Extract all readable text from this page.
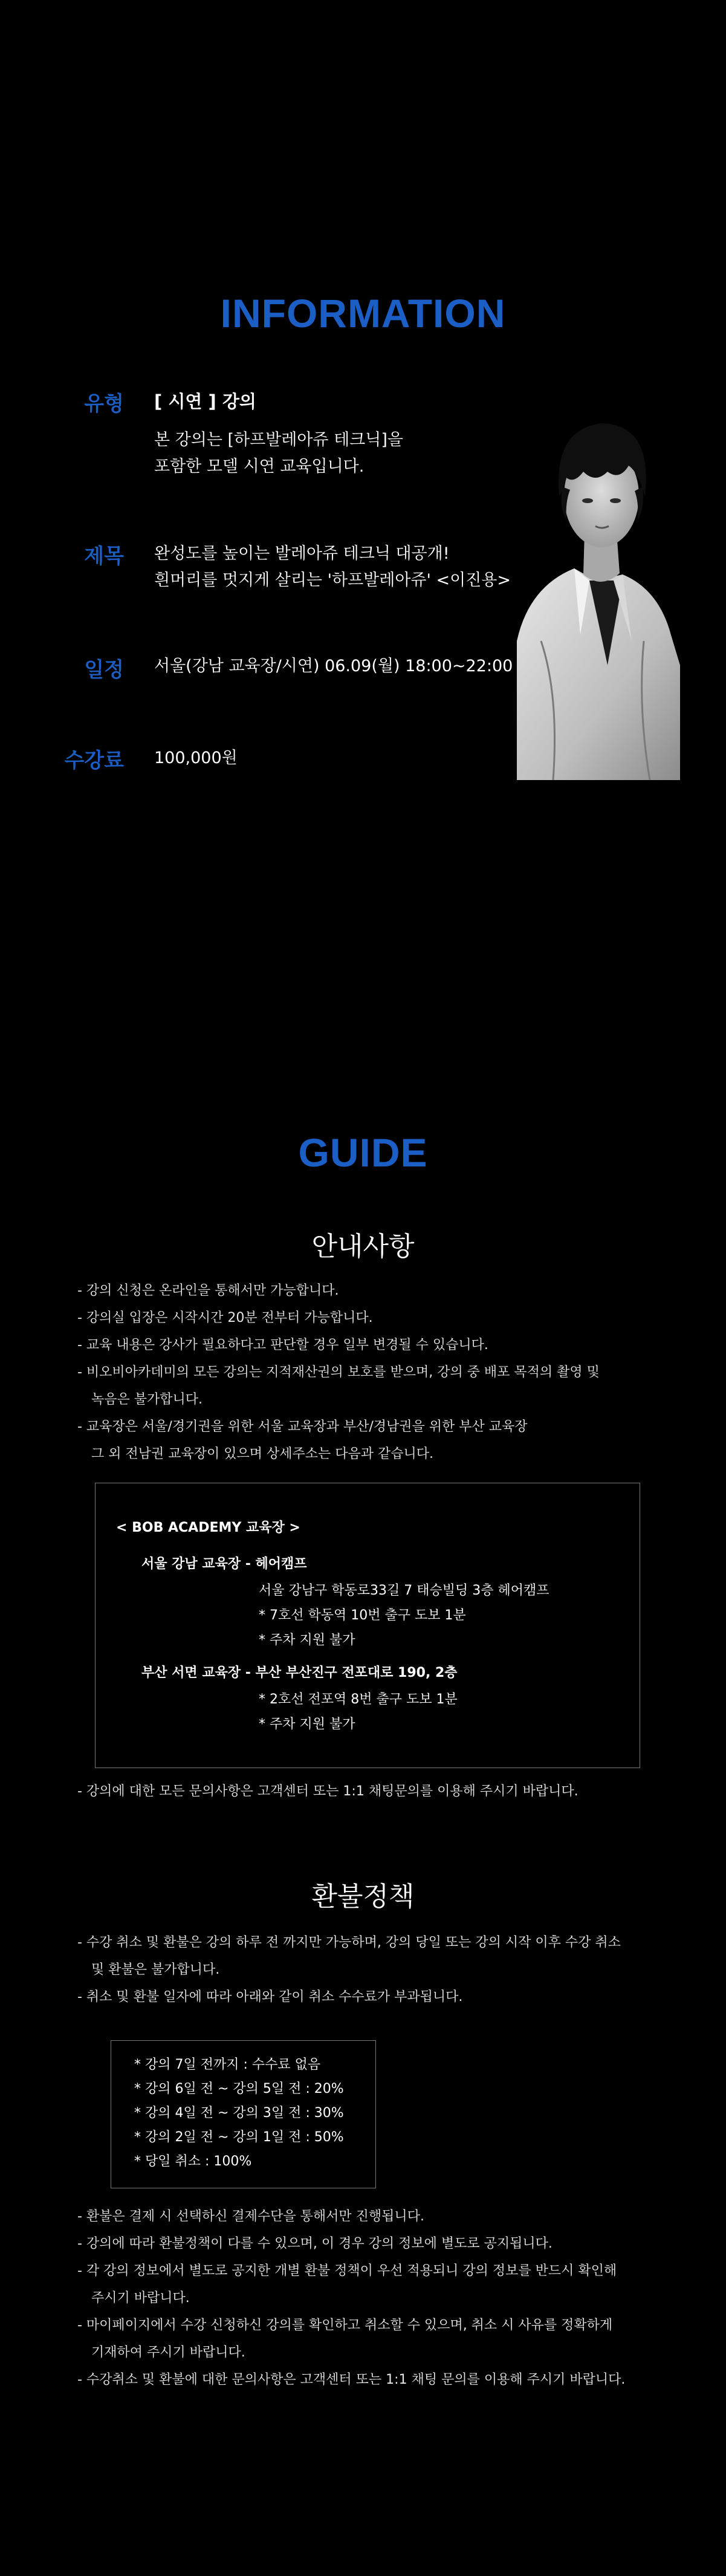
INFORMATION
유형 [ 시연 ] 강의
본 강의는 [하프발레아쥬 테크닉]을
포함한 모델 시연 교육입니다.
제목 완성도를 높이는 발레아쥬 테크닉 대공개!
흰머리를 멋지게 살리는 '하프발레아쥬' <이진용>
일정 서울(강남 교육장/시연) 06.09(월) 18:00~22:00
수강료 100,000원
GUIDE
안내사항
- 강의 신청은 온라인을 통해서만 가능합니다.
- 강의실 입장은 시작시간 20분 전부터 가능합니다.
- 교육 내용은 강사가 필요하다고 판단할 경우 일부 변경될 수 있습니다.
- 비오비아카데미의 모든 강의는 지적재산권의 보호를 받으며, 강의 중 배포 목적의 촬영 및
녹음은 불가합니다.
- 교육장은 서울/경기권을 위한 서울 교육장과 부산/경남권을 위한 부산 교육장
그 외 전남권 교육장이 있으며 상세주소는 다음과 같습니다.
< BOB ACADEMY 교육장 >
서울 강남 교육장 - 헤어캠프
서울 강남구 학동로33길 7 태승빌딩 3층 헤어캠프
* 7호선 학동역 10번 출구 도보 1분
* 주차 지원 불가
부산 서면 교육장 - 부산 부산진구 전포대로 190, 2층
* 2호선 전포역 8번 출구 도보 1분
* 주차 지원 불가
- 강의에 대한 모든 문의사항은 고객센터 또는 1:1 채팅문의를 이용해 주시기 바랍니다.
환불정책
- 수강 취소 및 환불은 강의 하루 전 까지만 가능하며, 강의 당일 또는 강의 시작 이후 수강 취소
및 환불은 불가합니다.
- 취소 및 환불 일자에 따라 아래와 같이 취소 수수료가 부과됩니다.
* 강의 7일 전까지 : 수수료 없음
* 강의 6일 전 ~ 강의 5일 전 : 20%
* 강의 4일 전 ~ 강의 3일 전 : 30%
* 강의 2일 전 ~ 강의 1일 전 : 50%
* 당일 취소 : 100%
- 환불은 결제 시 선택하신 결제수단을 통해서만 진행됩니다.
- 강의에 따라 환불정책이 다를 수 있으며, 이 경우 강의 정보에 별도로 공지됩니다.
- 각 강의 정보에서 별도로 공지한 개별 환불 정책이 우선 적용되니 강의 정보를 반드시 확인해
주시기 바랍니다.
- 마이페이지에서 수강 신청하신 강의를 확인하고 취소할 수 있으며, 취소 시 사유를 정확하게
기재하여 주시기 바랍니다.
- 수강취소 및 환불에 대한 문의사항은 고객센터 또는 1:1 채팅 문의를 이용해 주시기 바랍니다.
